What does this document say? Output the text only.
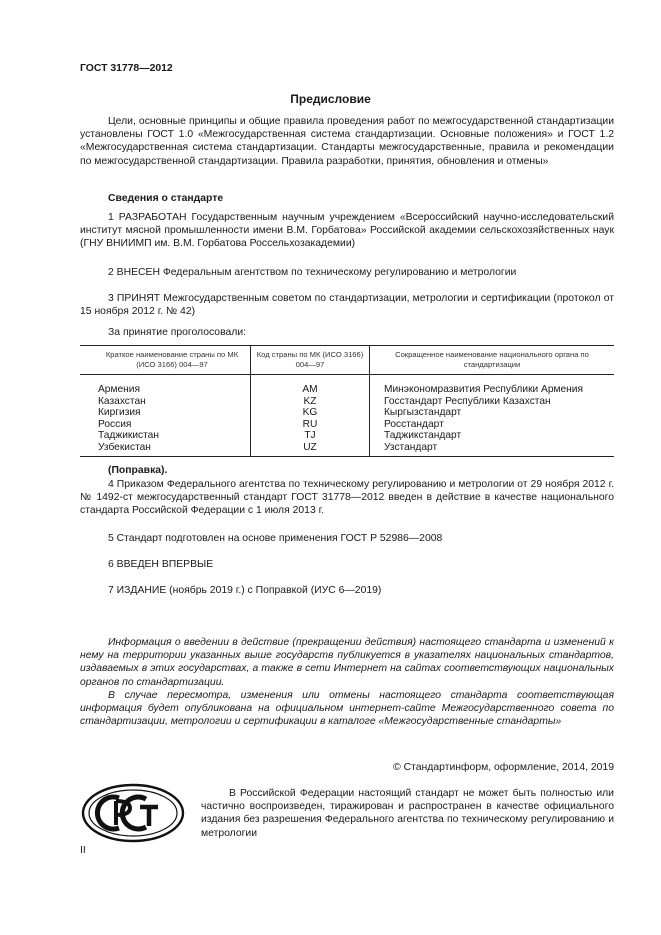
ГОСТ 31778—2012
Предисловие

Цели, основные принципы и общие правила проведения работ по межгосударственной стандартизации установлены ГОСТ 1.0 «Межгосударственная система стандартизации. Основные положения» и ГОСТ 1.2 «Межгосударственная система стандартизации. Стандарты межгосударственные, правила и рекомендации по межгосударственной стандартизации. Правила разработки, принятия, обновления и отмены»

Сведения о стандарте

1 РАЗРАБОТАН Государственным научным учреждением «Всероссийский научно-исследовательский институт мясной промышленности имени В.М. Горбатова» Российской академии сельскохозяйственных наук (ГНУ ВНИИМП им. В.М. Горбатова Россельхозакадемии)

2 ВНЕСЕН Федеральным агентством по техническому регулированию и метрологии

3 ПРИНЯТ Межгосударственным советом по стандартизации, метрологии и сертификации (протокол от 15 ноября 2012 г. № 42)

За принятие проголосовали:

Краткое наименование страны по МК (ИСО 3166) 004—97	Код страны по МК (ИСО 3166) 004—97	Сокращенное наименование национального органа по стандартизации
Армения	AM	Минэкономразвития Республики Армения
Казахстан	KZ	Госстандарт Республики Казахстан
Киргизия	KG	Кыргызстандарт
Россия	RU	Росстандарт
Таджикистан	TJ	Таджикстандарт
Узбекистан	UZ	Узстандарт
(Поправка).

4 Приказом Федерального агентства по техническому регулированию и метрологии от 29 ноября 2012 г. № 1492-ст межгосударственный стандарт ГОСТ 31778—2012 введен в действие в качестве национального стандарта Российской Федерации с 1 июля 2013 г.

5 Стандарт подготовлен на основе применения ГОСТ Р 52986—2008

6 ВВЕДЕН ВПЕРВЫЕ

7 ИЗДАНИЕ (ноябрь 2019 г.) с Поправкой (ИУС 6—2019)

Информация о введении в действие (прекращении действия) настоящего стандарта и изменений к нему на территории указанных выше государств публикуется в указателях национальных стандартов, издаваемых в этих государствах, а также в сети Интернет на сайтах соответствующих национальных органов по стандартизации.

В случае пересмотра, изменения или отмены настоящего стандарта соответствующая информация будет опубликована на официальном интернет-сайте Межгосударственного совета по стандартизации, метрологии и сертификации в каталоге «Межгосударственные стандарты»

© Стандартинформ, оформление, 2014, 2019

В Российской Федерации настоящий стандарт не может быть полностью или частично воспроизведен, тиражирован и распространен в качестве официального издания без разрешения Федерального агентства по техническому регулированию и метрологии

II
